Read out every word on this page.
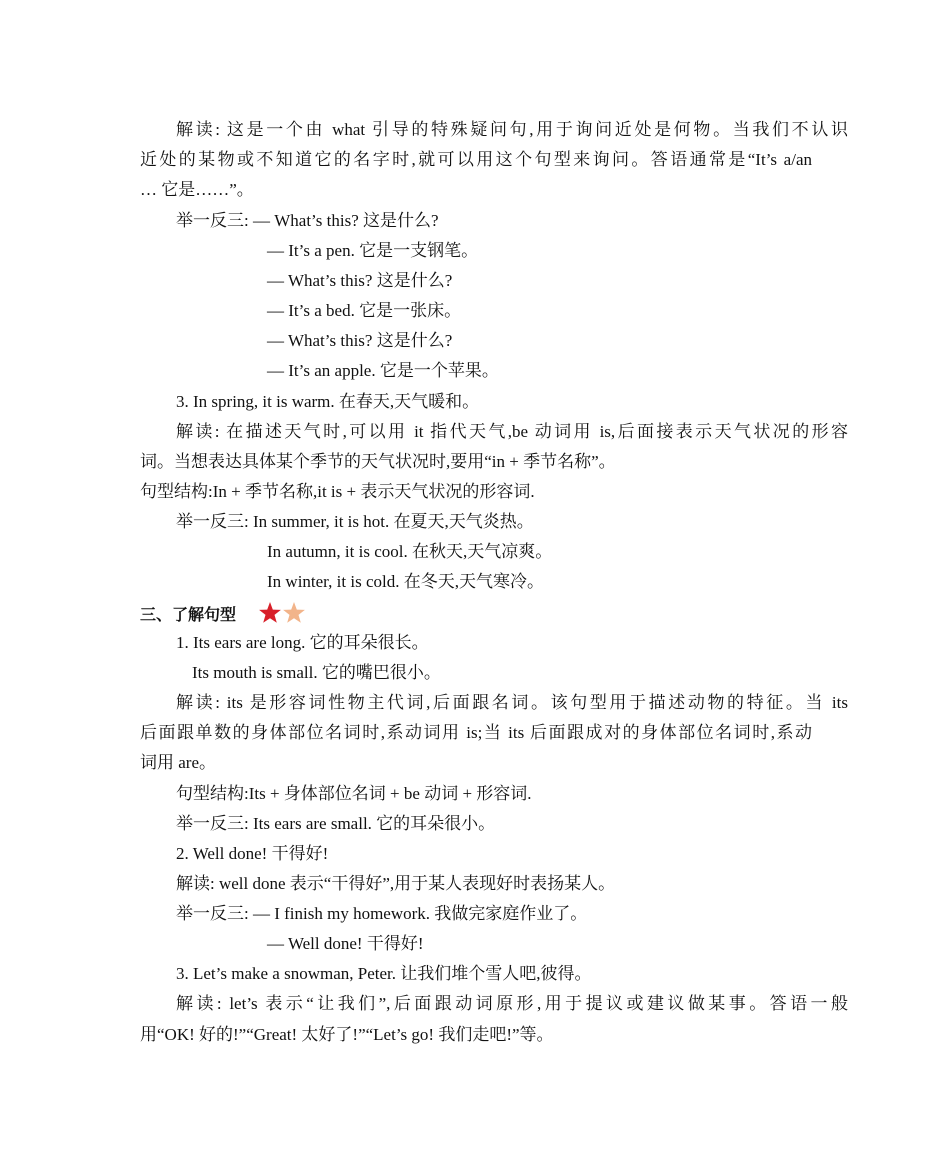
解读: 这是一个由 what 引导的特殊疑问句,用于询问近处是何物。当我们不认识
近处的某物或不知道它的名字时,就可以用这个句型来询问。答语通常是“It’s a/an
… 它是……”。
举一反三: — What’s this? 这是什么?
— It’s a pen. 它是一支钢笔。
— What’s this? 这是什么?
— It’s a bed. 它是一张床。
— What’s this? 这是什么?
— It’s an apple. 它是一个苹果。
3. In spring, it is warm. 在春天,天气暖和。
解读: 在描述天气时,可以用 it 指代天气,be 动词用 is,后面接表示天气状况的形容
词。当想表达具体某个季节的天气状况时,要用“in + 季节名称”。
句型结构:In + 季节名称,it is + 表示天气状况的形容词.
举一反三: In summer, it is hot. 在夏天,天气炎热。
In autumn, it is cool. 在秋天,天气凉爽。
In winter, it is cold. 在冬天,天气寒冷。
三、了解句型
1. Its ears are long. 它的耳朵很长。
Its mouth is small. 它的嘴巴很小。
解读: its 是形容词性物主代词,后面跟名词。该句型用于描述动物的特征。当 its
后面跟单数的身体部位名词时,系动词用 is;当 its 后面跟成对的身体部位名词时,系动
词用 are。
句型结构:Its + 身体部位名词 + be 动词 + 形容词.
举一反三: Its ears are small. 它的耳朵很小。
2. Well done! 干得好!
解读: well done 表示“干得好”,用于某人表现好时表扬某人。
举一反三: — I finish my homework. 我做完家庭作业了。
— Well done! 干得好!
3. Let’s make a snowman, Peter. 让我们堆个雪人吧,彼得。
解读: let’s 表示“让我们”,后面跟动词原形,用于提议或建议做某事。答语一般
用“OK! 好的!”“Great! 太好了!”“Let’s go! 我们走吧!”等。
